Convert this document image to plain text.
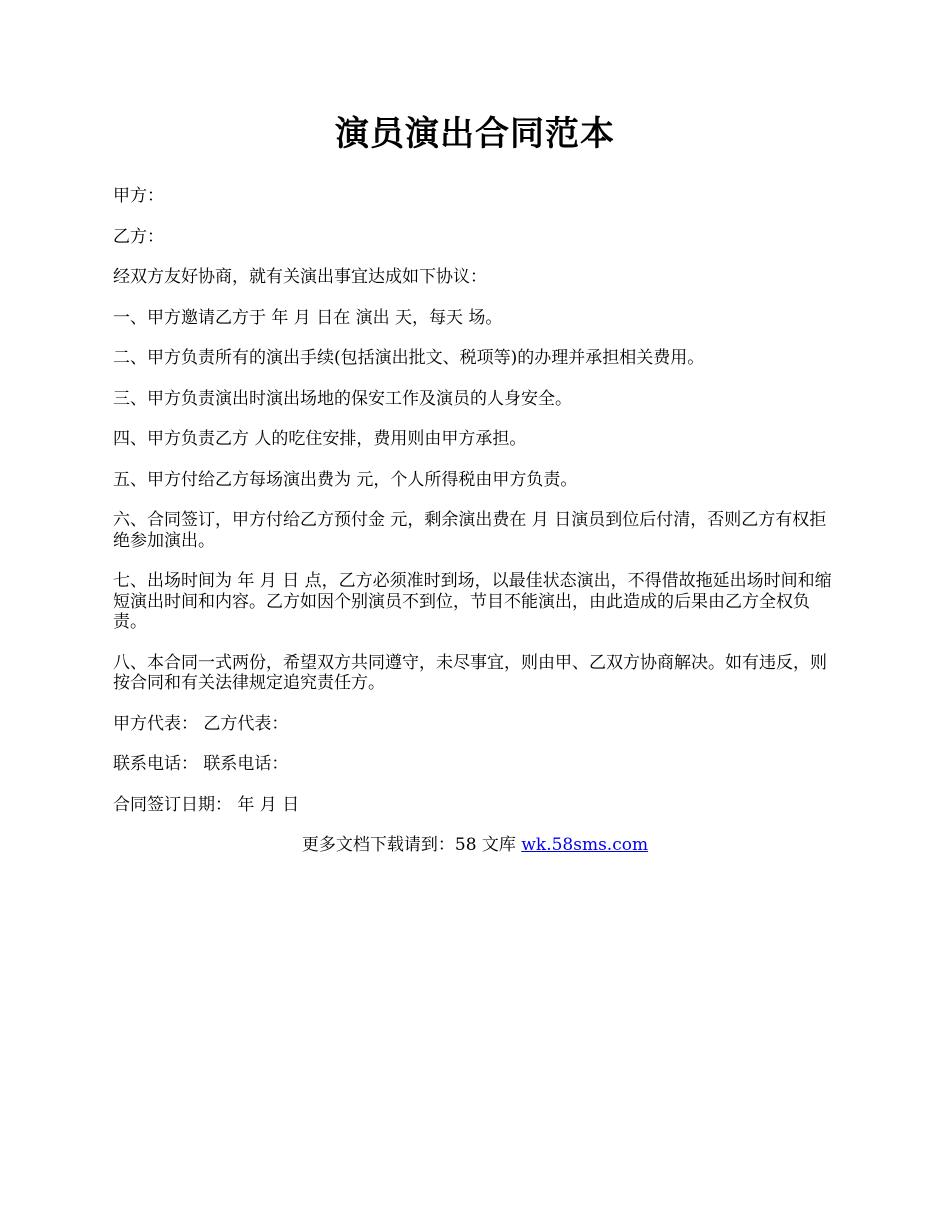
演员演出合同范本

甲方：

乙方：

经双方友好协商，就有关演出事宜达成如下协议：

一、甲方邀请乙方于 年 月 日在 演出 天，每天 场。

二、甲方负责所有的演出手续(包括演出批文、税项等)的办理并承担相关费用。

三、甲方负责演出时演出场地的保安工作及演员的人身安全。

四、甲方负责乙方 人的吃住安排，费用则由甲方承担。

五、甲方付给乙方每场演出费为 元，个人所得税由甲方负责。

六、合同签订，甲方付给乙方预付金 元，剩余演出费在 月 日演员到位后付清，否则乙方有权拒绝参加演出。

七、出场时间为 年 月 日 点，乙方必须准时到场，以最佳状态演出，不得借故拖延出场时间和缩短演出时间和内容。乙方如因个别演员不到位，节目不能演出，由此造成的后果由乙方全权负责。

八、本合同一式两份，希望双方共同遵守，未尽事宜，则由甲、乙双方协商解决。如有违反，则按合同和有关法律规定追究责任方。

甲方代表： 乙方代表：

联系电话： 联系电话：

合同签订日期： 年 月 日

更多文档下载请到：58 文库 wk.58sms.com
